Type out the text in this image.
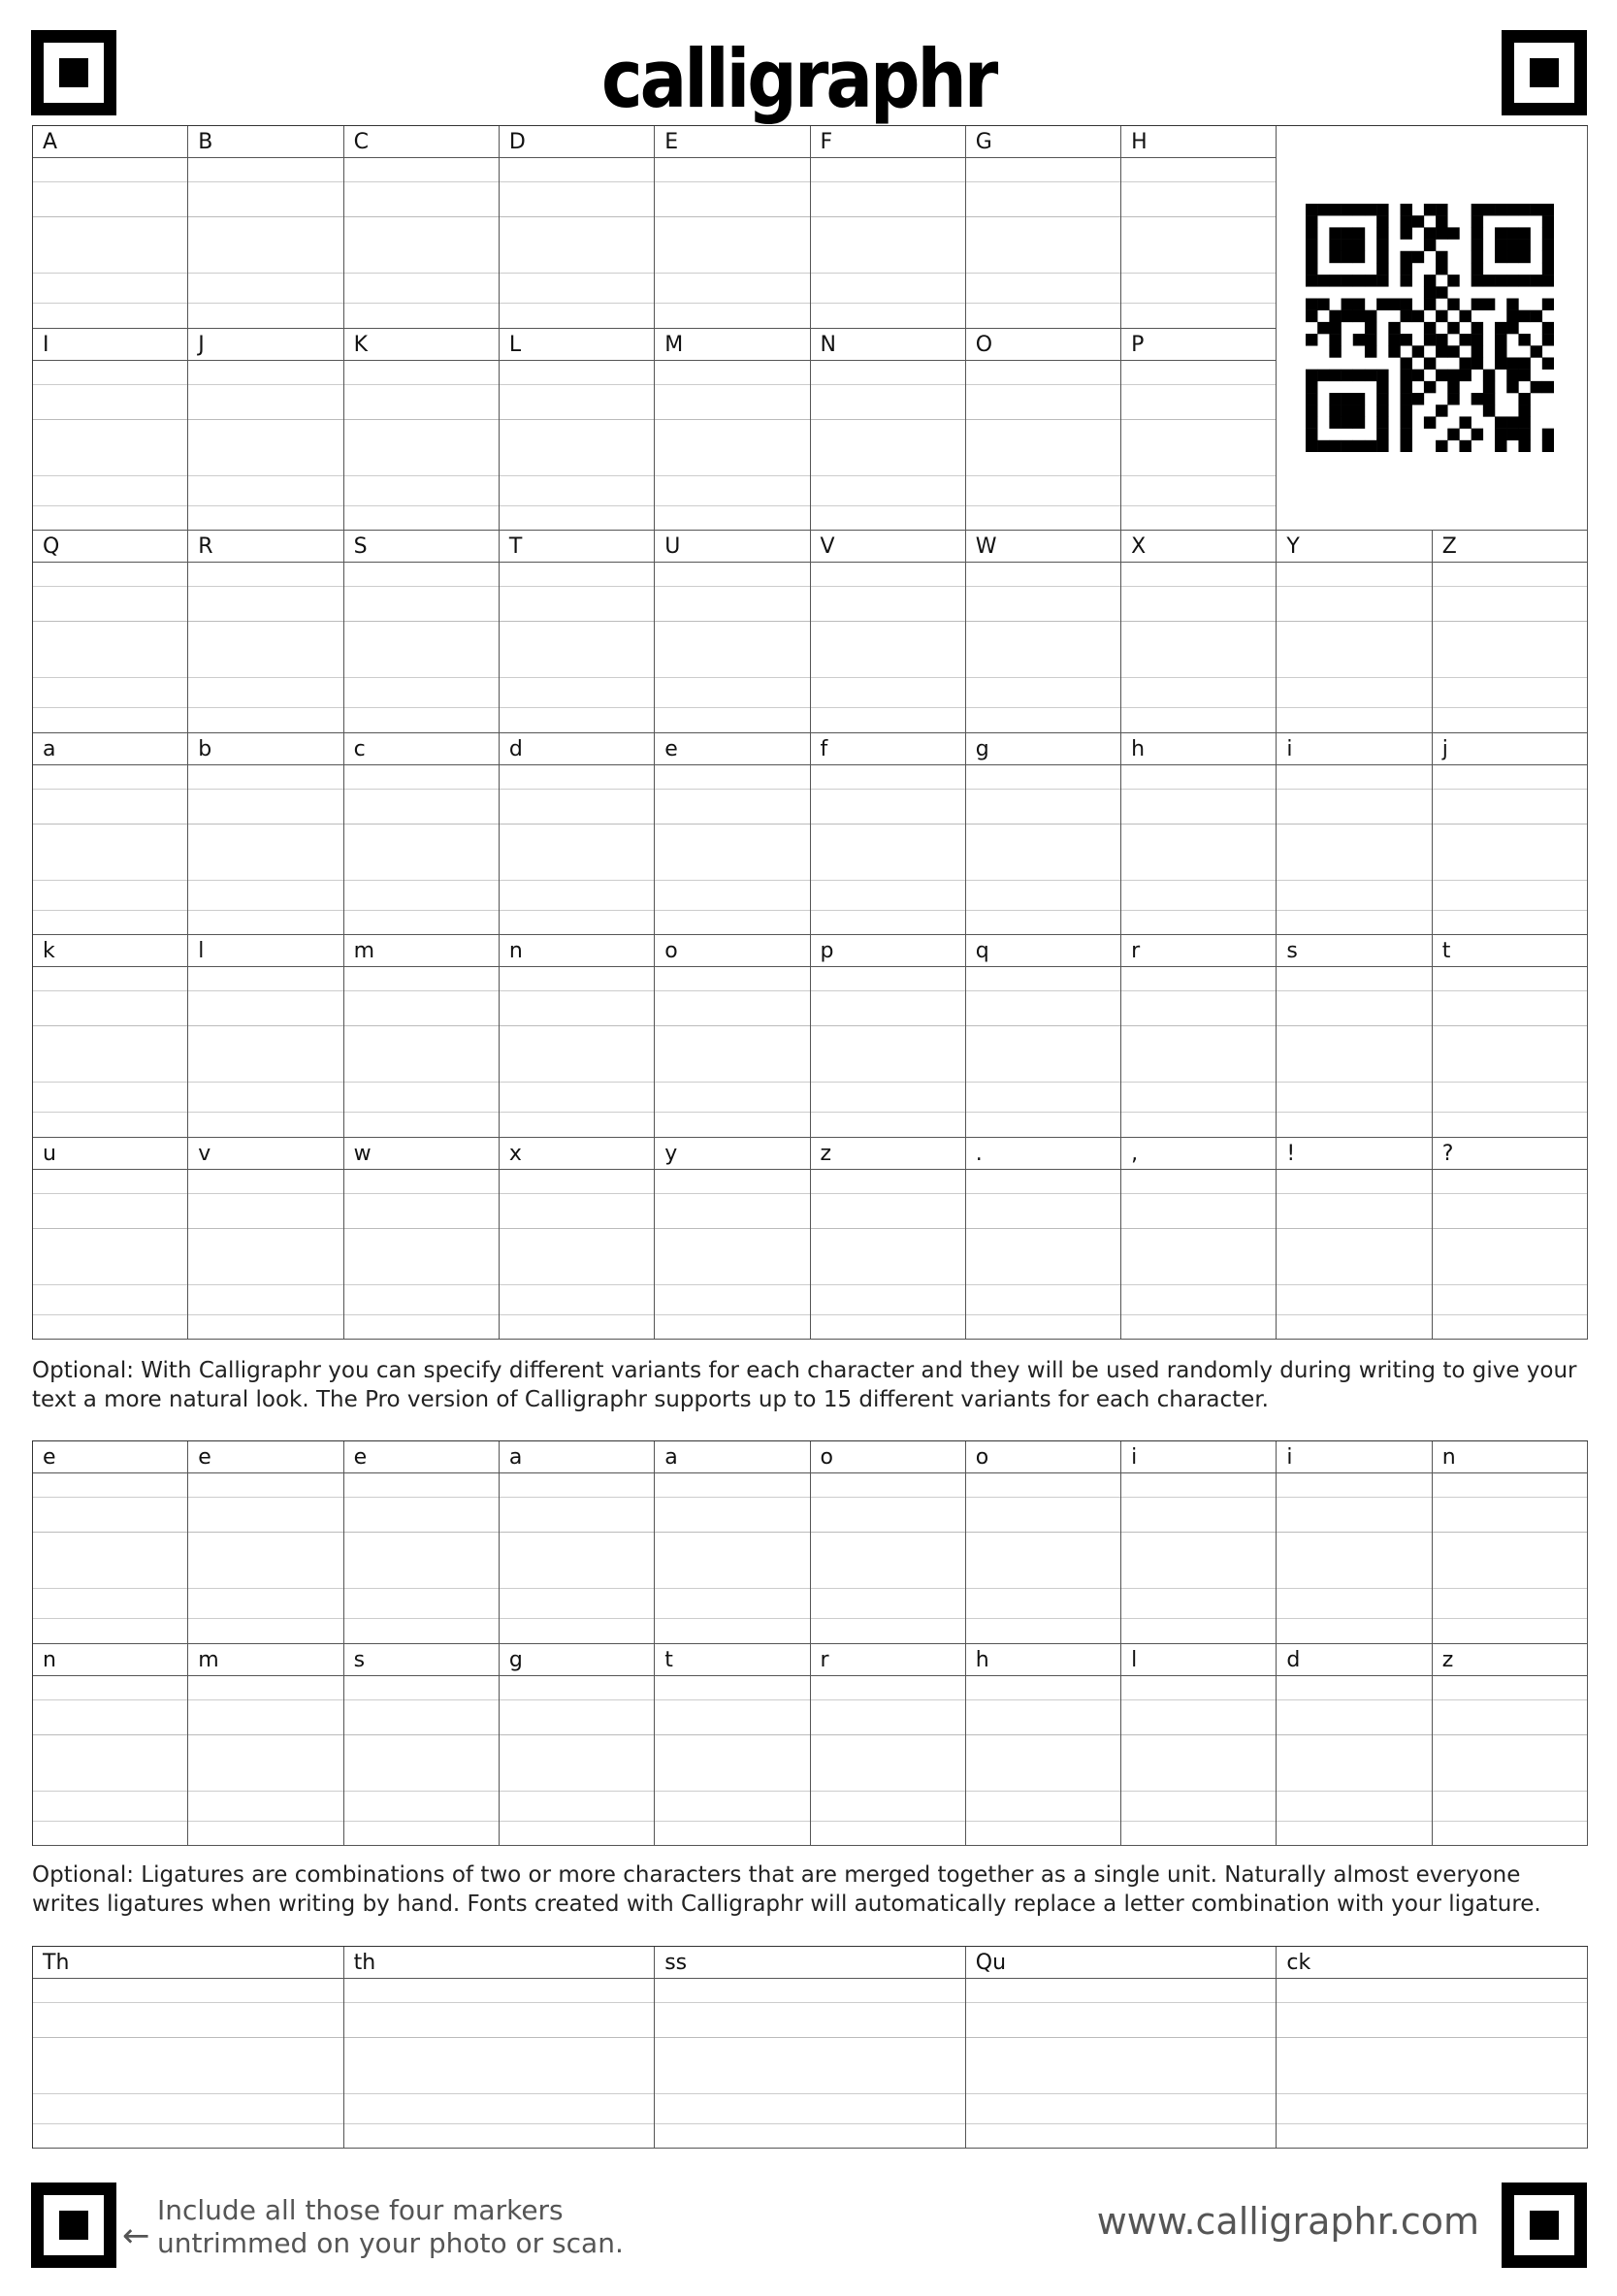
calligraphr
A	B	C	D	E	F	G	H
I	J	K	L	M	N	O	P
Q	R	S	T	U	V	W	X	Y	Z
a	b	c	d	e	f	g	h	i	j
k	l	m	n	o	p	q	r	s	t
u	v	w	x	y	z	.	,	!	?

Optional: With Calligraphr you can specify different variants for each character and they will be used randomly during writing to give your text a more natural look. The Pro version of Calligraphr supports up to 15 different variants for each character.

e	e	e	a	a	o	o	i	i	n
n	m	s	g	t	r	h	l	d	z

Optional: Ligatures are combinations of two or more characters that are merged together as a single unit. Naturally almost everyone writes ligatures when writing by hand. Fonts created with Calligraphr will automatically replace a letter combination with your ligature.

Th	th	ss	Qu	ck
←
Include all those four markers
untrimmed on your photo or scan.
www.calligraphr.com
